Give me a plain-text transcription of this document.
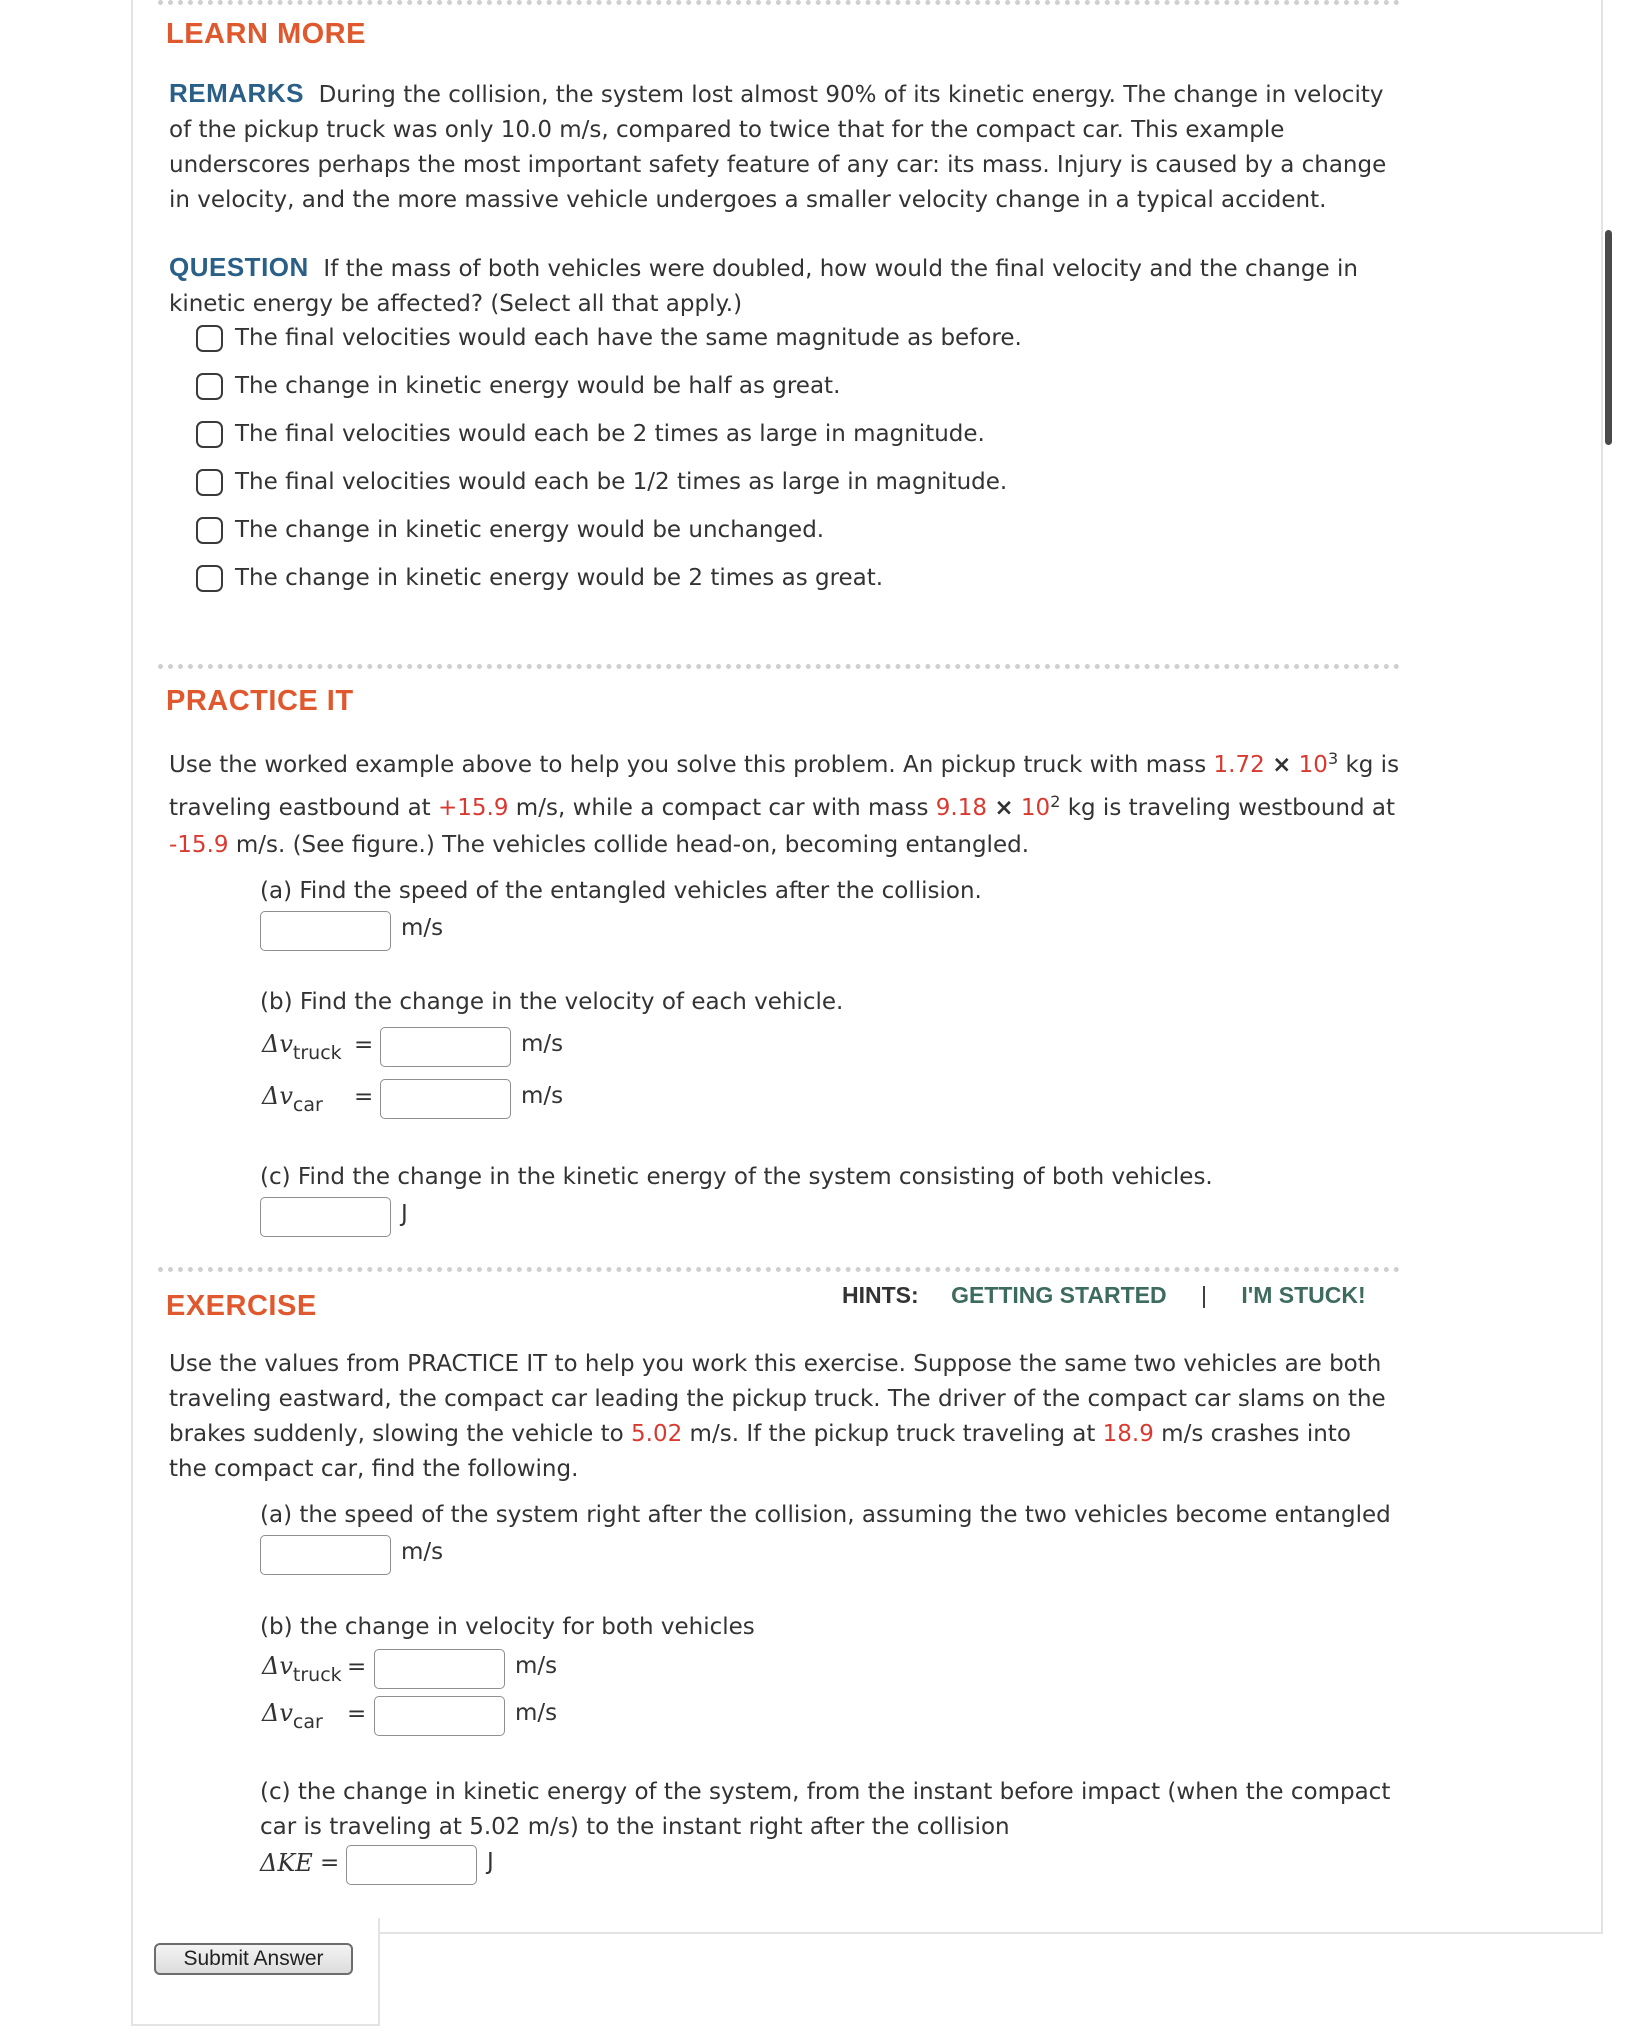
LEARN MORE
REMARKS During the collision, the system lost almost 90% of its kinetic energy. The change in velocity
of the pickup truck was only 10.0 m/s, compared to twice that for the compact car. This example
underscores perhaps the most important safety feature of any car: its mass. Injury is caused by a change
in velocity, and the more massive vehicle undergoes a smaller velocity change in a typical accident.
QUESTION If the mass of both vehicles were doubled, how would the final velocity and the change in
kinetic energy be affected? (Select all that apply.)
The final velocities would each have the same magnitude as before.
The change in kinetic energy would be half as great.
The final velocities would each be 2 times as large in magnitude.
The final velocities would each be 1/2 times as large in magnitude.
The change in kinetic energy would be unchanged.
The change in kinetic energy would be 2 times as great.
PRACTICE IT
Use the worked example above to help you solve this problem. An pickup truck with mass $1.72 \times 10^3$ kg is
traveling eastbound at +15.9 m/s, while a compact car with mass $9.18 \times 10^2$ kg is traveling westbound at
-15.9 m/s. (See figure.) The vehicles collide head-on, becoming entangled.
(a) Find the speed of the entangled vehicles after the collision.
m/s
(b) Find the change in the velocity of each vehicle.
$\Delta v_{truck}$ =	m/s
$\Delta v_{car}$ =	m/s
(c) Find the change in the kinetic energy of the system consisting of both vehicles.
J
EXERCISE	HINTS: GETTING STARTED | I'M STUCK!
Use the values from PRACTICE IT to help you work this exercise. Suppose the same two vehicles are both
traveling eastward, the compact car leading the pickup truck. The driver of the compact car slams on the
brakes suddenly, slowing the vehicle to 5.02 m/s. If the pickup truck traveling at 18.9 m/s crashes into
the compact car, find the following.
(a) the speed of the system right after the collision, assuming the two vehicles become entangled
m/s
(b) the change in velocity for both vehicles
$\Delta v_{truck}$ =	m/s
$\Delta v_{car}$ =	m/s
(c) the change in kinetic energy of the system, from the instant before impact (when the compact
car is traveling at 5.02 m/s) to the instant right after the collision
ΔKE =	J
Submit Answer
